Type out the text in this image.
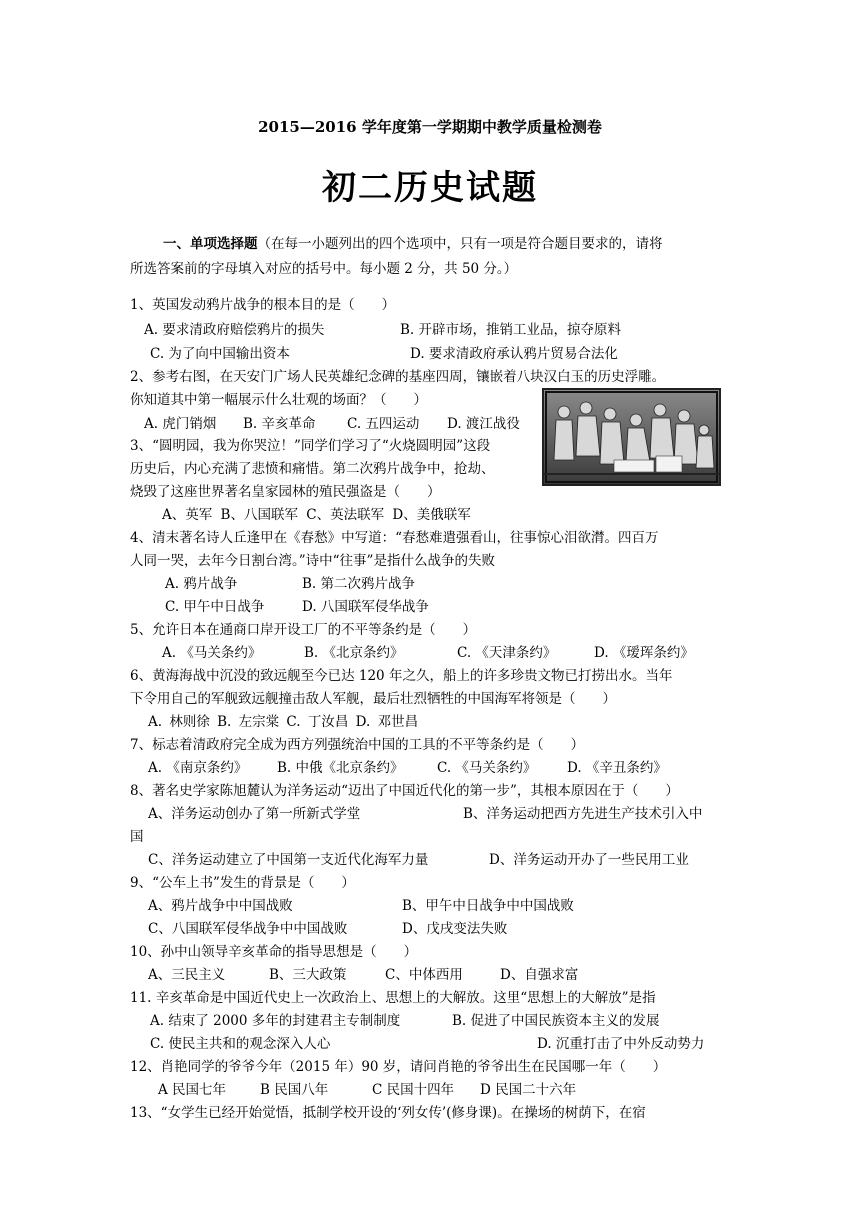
2015—2016 学年度第一学期期中教学质量检测卷
初二历史试题
一、单项选择题（在每一小题列出的四个选项中，只有一项是符合题目要求的，请将
所选答案前的字母填入对应的括号中。每小题 2 分，共 50 分。）
1、英国发动鸦片战争的根本目的是（　　）
A. 要求清政府赔偿鸦片的损失	B. 开辟市场，推销工业品，掠夺原料
C. 为了向中国输出资本	D. 要求清政府承认鸦片贸易合法化
2、参考右图，在天安门广场人民英雄纪念碑的基座四周，镶嵌着八块汉白玉的历史浮雕。
你知道其中第一幅展示什么壮观的场面？（　　）
A. 虎门销烟 B. 辛亥革命 C. 五四运动 D. 渡江战役
3、“圆明园，我为你哭泣！”同学们学习了“火烧圆明园”这段
历史后，内心充满了悲愤和痛惜。第二次鸦片战争中，抢劫、
烧毁了这座世界著名皇家园林的殖民强盗是（　　）
A、英军 B、八国联军 C、英法联军 D、美俄联军
4、清末著名诗人丘逢甲在《春愁》中写道：“春愁难遣强看山，往事惊心泪欲潸。四百万
人同一哭，去年今日割台湾。”诗中“往事”是指什么战争的失败
A. 鸦片战争	B. 第二次鸦片战争
C. 甲午中日战争	D. 八国联军侵华战争
5、允许日本在通商口岸开设工厂的不平等条约是（　　）
A. 《马关条约》	B. 《北京条约》	C. 《天津条约》	D. 《瑷珲条约》
6、黄海海战中沉没的致远舰至今已达 120 年之久，船上的许多珍贵文物已打捞出水。当年
下令用自己的军舰致远舰撞击敌人军舰，最后壮烈牺牲的中国海军将领是（　　）
A. 林则徐 B. 左宗棠 C. 丁汝昌 D. 邓世昌
7、标志着清政府完全成为西方列强统治中国的工具的不平等条约是（　　）
A. 《南京条约》 B. 中俄《北京条约》 C. 《马关条约》 D. 《辛丑条约》
8、著名史学家陈旭麓认为洋务运动“迈出了中国近代化的第一步”，其根本原因在于（　　）
A、洋务运动创办了第一所新式学堂	B、洋务运动把西方先进生产技术引入中
国
C、洋务运动建立了中国第一支近代化海军力量	D、洋务运动开办了一些民用工业
9、“公车上书”发生的背景是（　　）
A、鸦片战争中中国战败	B、甲午中日战争中中国战败
C、八国联军侵华战争中中国战败	D、戊戌变法失败
10、孙中山领导辛亥革命的指导思想是（　　）
A、三民主义	B、三大政策	C、中体西用	D、自强求富
11. 辛亥革命是中国近代史上一次政治上、思想上的大解放。这里“思想上的大解放”是指
A. 结束了 2000 多年的封建君主专制制度	B. 促进了中国民族资本主义的发展
C. 使民主共和的观念深入人心	D. 沉重打击了中外反动势力
12、肖艳同学的爷爷今年（2015 年）90 岁，请问肖艳的爷爷出生在民国哪一年（　　）
A 民国七年	B 民国八年	C 民国十四年 D 民国二十六年
13、“女学生已经开始觉悟，抵制学校开设的‘列女传’(修身课)。在操场的树荫下，在宿
